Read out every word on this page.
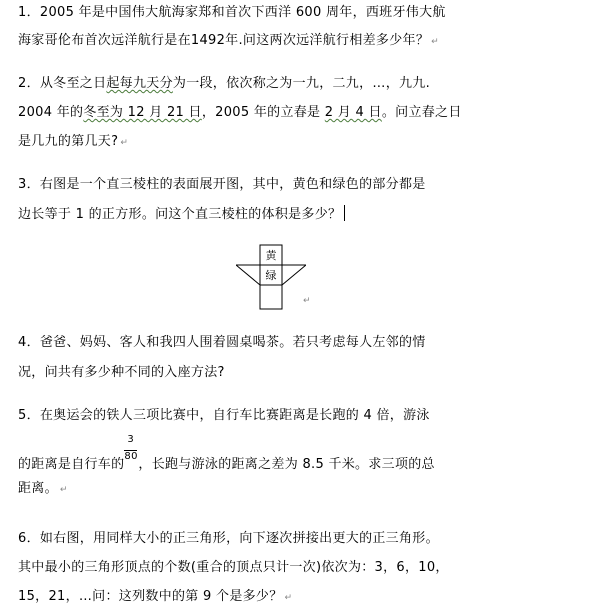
1．2005 年是中国伟大航海家郑和首次下西洋 600 周年，西班牙伟大航
海家哥伦布首次远洋航行是在1492年.问这两次远洋航行相差多少年？ ↵
2．从冬至之日起每九天分为一段，依次称之为一九，二九，…，九九.
2004 年的冬至为 12 月 21 日，2005 年的立春是 2 月 4 日。问立春之日
是几九的第几天? ↵
3．右图是一个直三棱柱的表面展开图，其中，黄色和绿色的部分都是
边长等于 1 的正方形。问这个直三棱柱的体积是多少？
黄
绿
↵
4．爸爸、妈妈、客人和我四人围着圆桌喝茶。若只考虑每人左邻的情
况，问共有多少种不同的入座方法?
5．在奥运会的铁人三项比赛中，自行车比赛距离是长跑的 4 倍，游泳
的距离是自行车的 $\frac{3}{80}$ ，长跑与游泳的距离之差为 8.5 千米。求三项的总
距离。 ↵
6．如右图，用同样大小的正三角形，向下逐次拼接出更大的正三角形。
其中最小的三角形顶点的个数(重合的顶点只计一次)依次为：3，6，10，
15，21，…问：这列数中的第 9 个是多少？ ↵
